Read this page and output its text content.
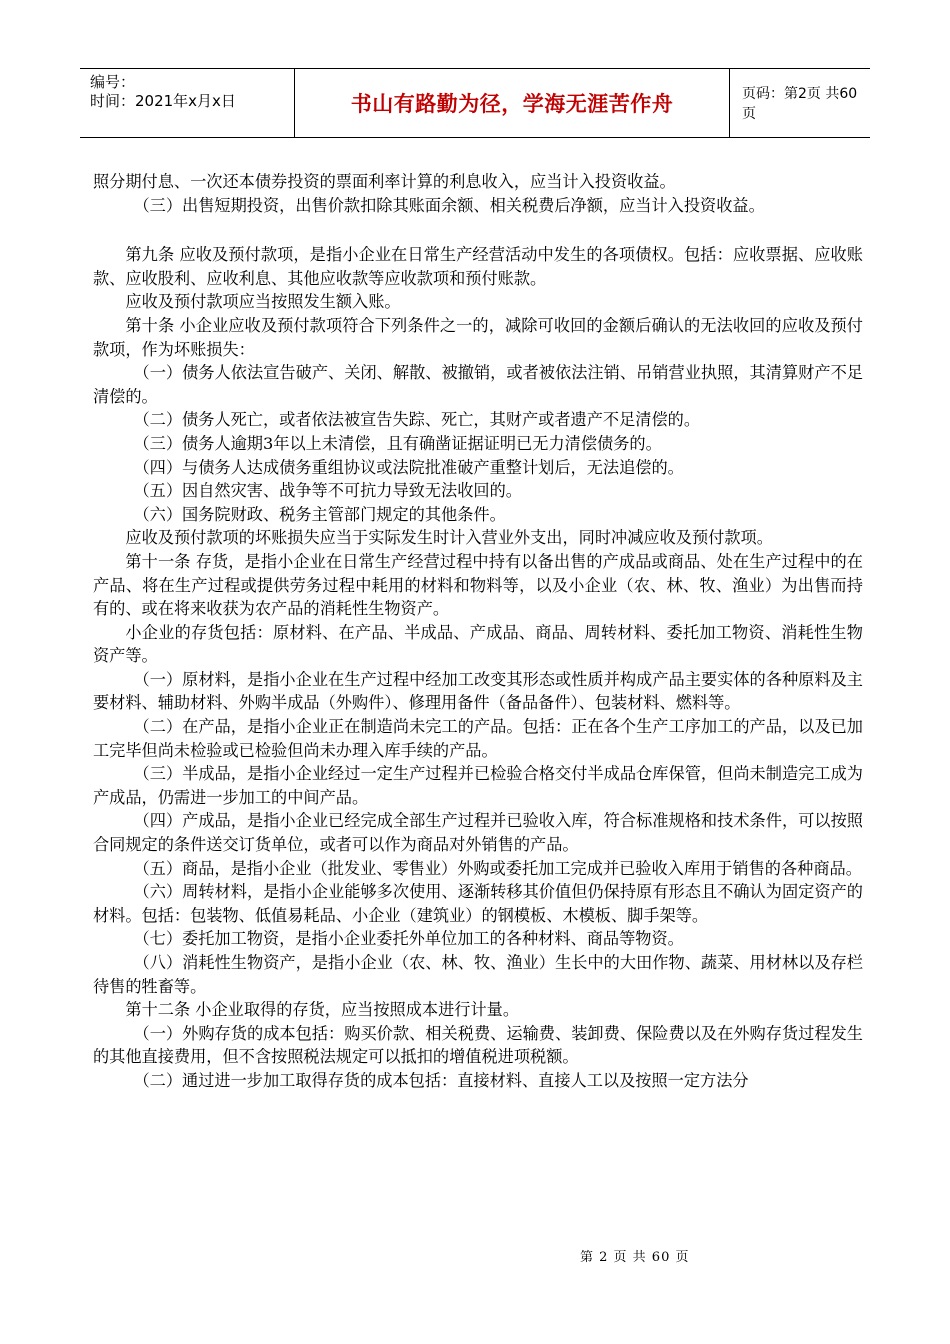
编号：
时间：2021年x月x日	书山有路勤为径，学海无涯苦作舟	页码：第2页 共60页

照分期付息、一次还本债券投资的票面利率计算的利息收入，应当计入投资收益。

（三）出售短期投资，出售价款扣除其账面余额、相关税费后净额，应当计入投资收益。

第九条 应收及预付款项，是指小企业在日常生产经营活动中发生的各项债权。包括：应收票据、应收账款、应收股利、应收利息、其他应收款等应收款项和预付账款。

应收及预付款项应当按照发生额入账。

第十条 小企业应收及预付款项符合下列条件之一的，减除可收回的金额后确认的无法收回的应收及预付款项，作为坏账损失：

（一）债务人依法宣告破产、关闭、解散、被撤销，或者被依法注销、吊销营业执照，其清算财产不足清偿的。

（二）债务人死亡，或者依法被宣告失踪、死亡，其财产或者遗产不足清偿的。

（三）债务人逾期3年以上未清偿，且有确凿证据证明已无力清偿债务的。

（四）与债务人达成债务重组协议或法院批准破产重整计划后，无法追偿的。

（五）因自然灾害、战争等不可抗力导致无法收回的。

（六）国务院财政、税务主管部门规定的其他条件。

应收及预付款项的坏账损失应当于实际发生时计入营业外支出，同时冲减应收及预付款项。

第十一条 存货，是指小企业在日常生产经营过程中持有以备出售的产成品或商品、处在生产过程中的在产品、将在生产过程或提供劳务过程中耗用的材料和物料等，以及小企业（农、林、牧、渔业）为出售而持有的、或在将来收获为农产品的消耗性生物资产。

小企业的存货包括：原材料、在产品、半成品、产成品、商品、周转材料、委托加工物资、消耗性生物资产等。

（一）原材料，是指小企业在生产过程中经加工改变其形态或性质并构成产品主要实体的各种原料及主要材料、辅助材料、外购半成品（外购件）、修理用备件（备品备件）、包装材料、燃料等。

（二）在产品，是指小企业正在制造尚未完工的产品。包括：正在各个生产工序加工的产品，以及已加工完毕但尚未检验或已检验但尚未办理入库手续的产品。

（三）半成品，是指小企业经过一定生产过程并已检验合格交付半成品仓库保管，但尚未制造完工成为产成品，仍需进一步加工的中间产品。

（四）产成品，是指小企业已经完成全部生产过程并已验收入库，符合标准规格和技术条件，可以按照合同规定的条件送交订货单位，或者可以作为商品对外销售的产品。

（五）商品，是指小企业（批发业、零售业）外购或委托加工完成并已验收入库用于销售的各种商品。

（六）周转材料，是指小企业能够多次使用、逐渐转移其价值但仍保持原有形态且不确认为固定资产的材料。包括：包装物、低值易耗品、小企业（建筑业）的钢模板、木模板、脚手架等。

（七）委托加工物资，是指小企业委托外单位加工的各种材料、商品等物资。

（八）消耗性生物资产，是指小企业（农、林、牧、渔业）生长中的大田作物、蔬菜、用材林以及存栏待售的牲畜等。

第十二条 小企业取得的存货，应当按照成本进行计量。

（一）外购存货的成本包括：购买价款、相关税费、运输费、装卸费、保险费以及在外购存货过程发生的其他直接费用，但不含按照税法规定可以抵扣的增值税进项税额。

（二）通过进一步加工取得存货的成本包括：直接材料、直接人工以及按照一定方法分

第 2 页 共 60 页
